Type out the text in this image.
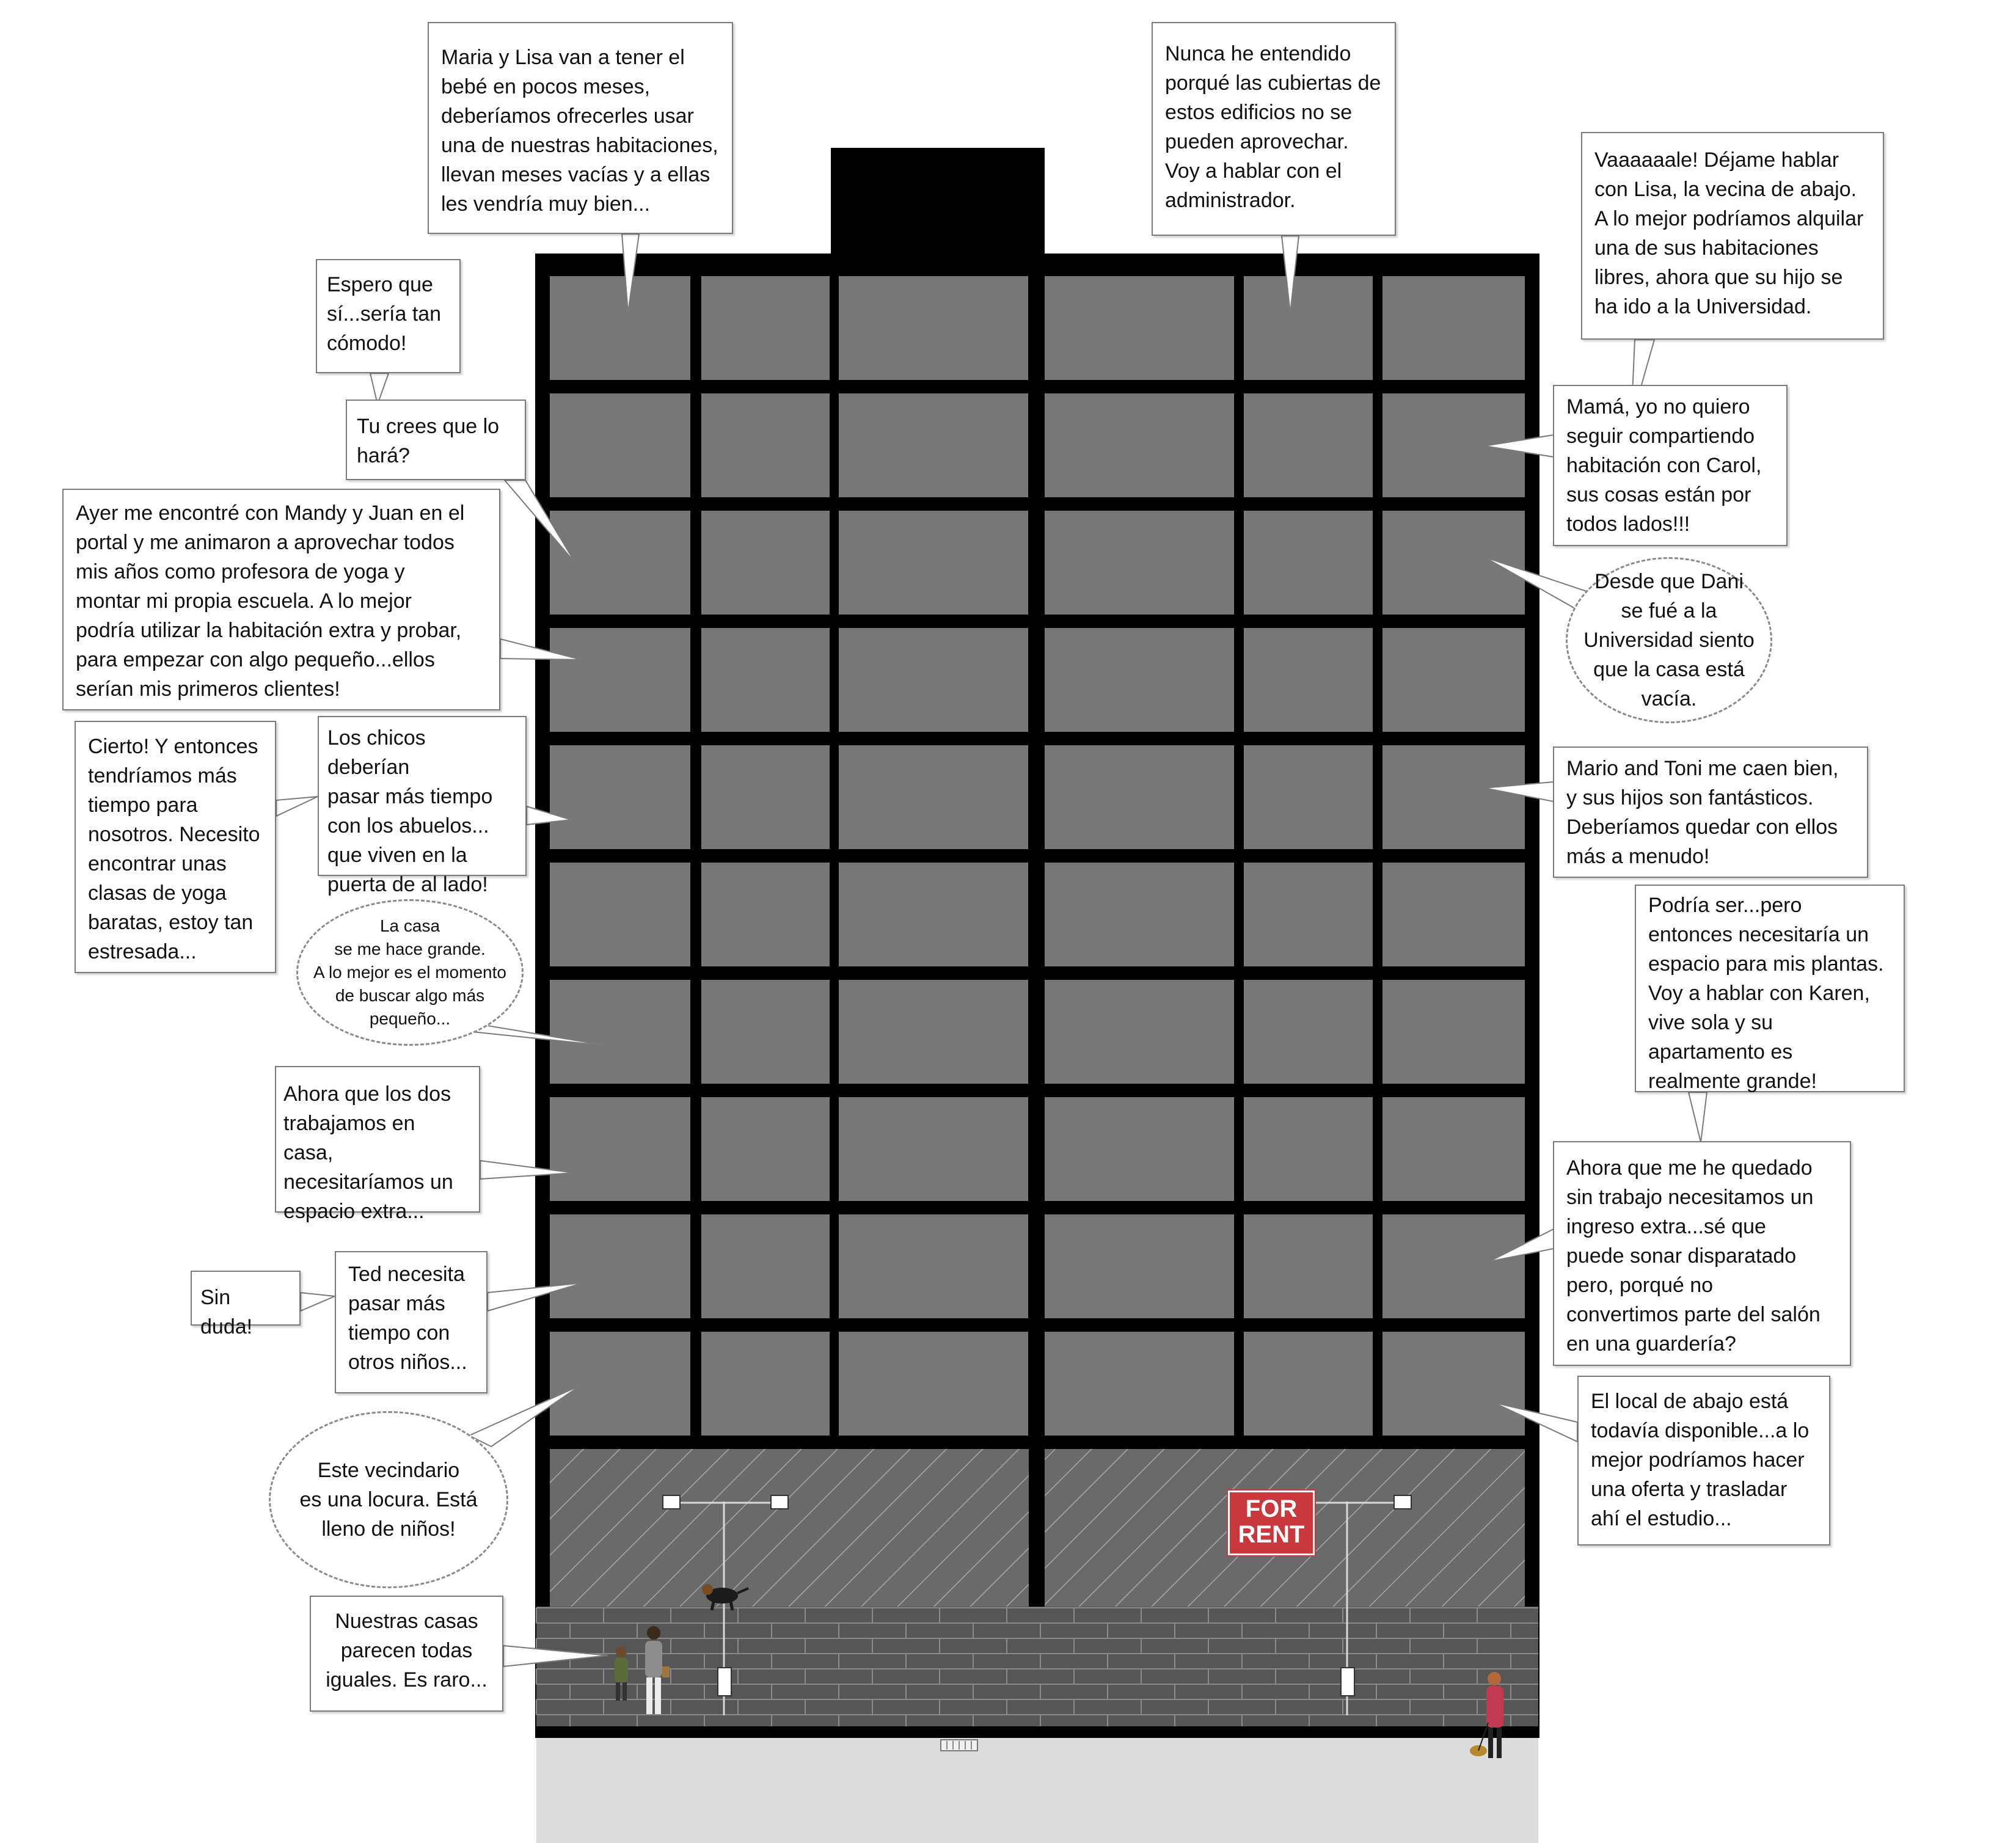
FOR
RENT
Maria y Lisa van a tener el
bebé en pocos meses,
deberíamos ofrecerles usar
una de nuestras habitaciones,
llevan meses vacías y a ellas
les vendría muy bien...
Nunca he entendido
porqué las cubiertas de
estos edificios no se
pueden aprovechar.
Voy a hablar con el
administrador.
Vaaaaaale! Déjame hablar
con Lisa, la vecina de abajo.
A lo mejor podríamos alquilar
una de sus habitaciones
libres, ahora que su hijo se
ha ido a la Universidad.
Espero que
sí...sería tan
cómodo!
Tu crees que lo
hará?
Mamá, yo no quiero
seguir compartiendo
habitación con Carol,
sus cosas están por
todos lados!!!
Ayer me encontré con Mandy y Juan en el
portal y me animaron a aprovechar todos
mis años como profesora de yoga y
montar mi propia escuela. A lo mejor
podría utilizar la habitación extra y probar,
para empezar con algo pequeño...ellos
serían mis primeros clientes!
Desde que Dani
se fué a la
Universidad siento
que la casa está
vacía.
Cierto! Y entonces
tendríamos más
tiempo para
nosotros. Necesito
encontrar unas
clasas de yoga
baratas, estoy tan
estresada...
Los chicos deberían
pasar más tiempo
con los abuelos...
que viven en la
puerta de al lado!
Mario and Toni me caen bien,
y sus hijos son fantásticos.
Deberíamos quedar con ellos
más a menudo!
Podría ser...pero
entonces necesitaría un
espacio para mis plantas.
Voy a hablar con Karen,
vive sola y su
apartamento es
realmente grande!
La casa
se me hace grande.
A lo mejor es el momento
de buscar algo más
pequeño...
Ahora que los dos
trabajamos en casa,
necesitaríamos un
espacio extra...
Ahora que me he quedado
sin trabajo necesitamos un
ingreso extra...sé que
puede sonar disparatado
pero, porqué no
convertimos parte del salón
en una guardería?
Sin duda!
Ted necesita
pasar más
tiempo con
otros niños...
El local de abajo está
todavía disponible...a lo
mejor podríamos hacer
una oferta y trasladar
ahí el estudio...
Este vecindario
es una locura. Está
lleno de niños!
Nuestras casas
parecen todas
iguales. Es raro...
